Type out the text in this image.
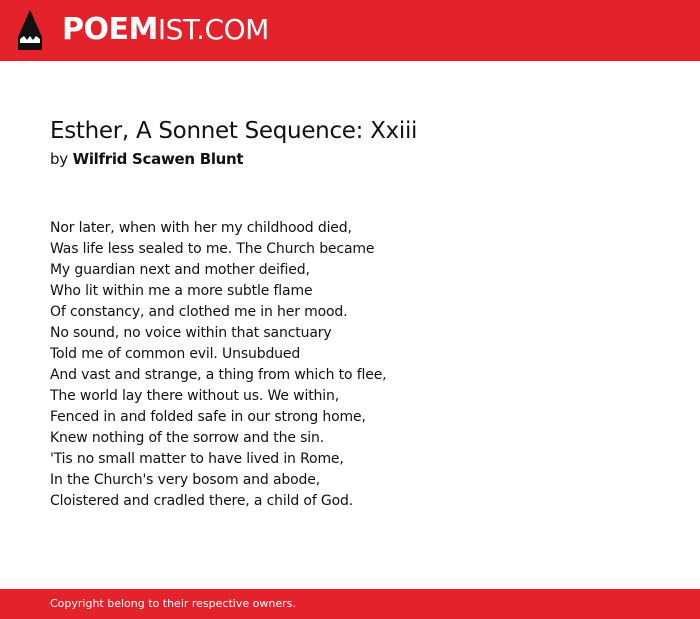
POEMIST.COM
Esther, A Sonnet Sequence: Xxiii
by Wilfrid Scawen Blunt
Nor later, when with her my childhood died,
Was life less sealed to me. The Church became
My guardian next and mother deified,
Who lit within me a more subtle flame
Of constancy, and clothed me in her mood.
No sound, no voice within that sanctuary
Told me of common evil. Unsubdued
And vast and strange, a thing from which to flee,
The world lay there without us. We within,
Fenced in and folded safe in our strong home,
Knew nothing of the sorrow and the sin.
'Tis no small matter to have lived in Rome,
In the Church's very bosom and abode,
Cloistered and cradled there, a child of God.
Copyright belong to their respective owners.
